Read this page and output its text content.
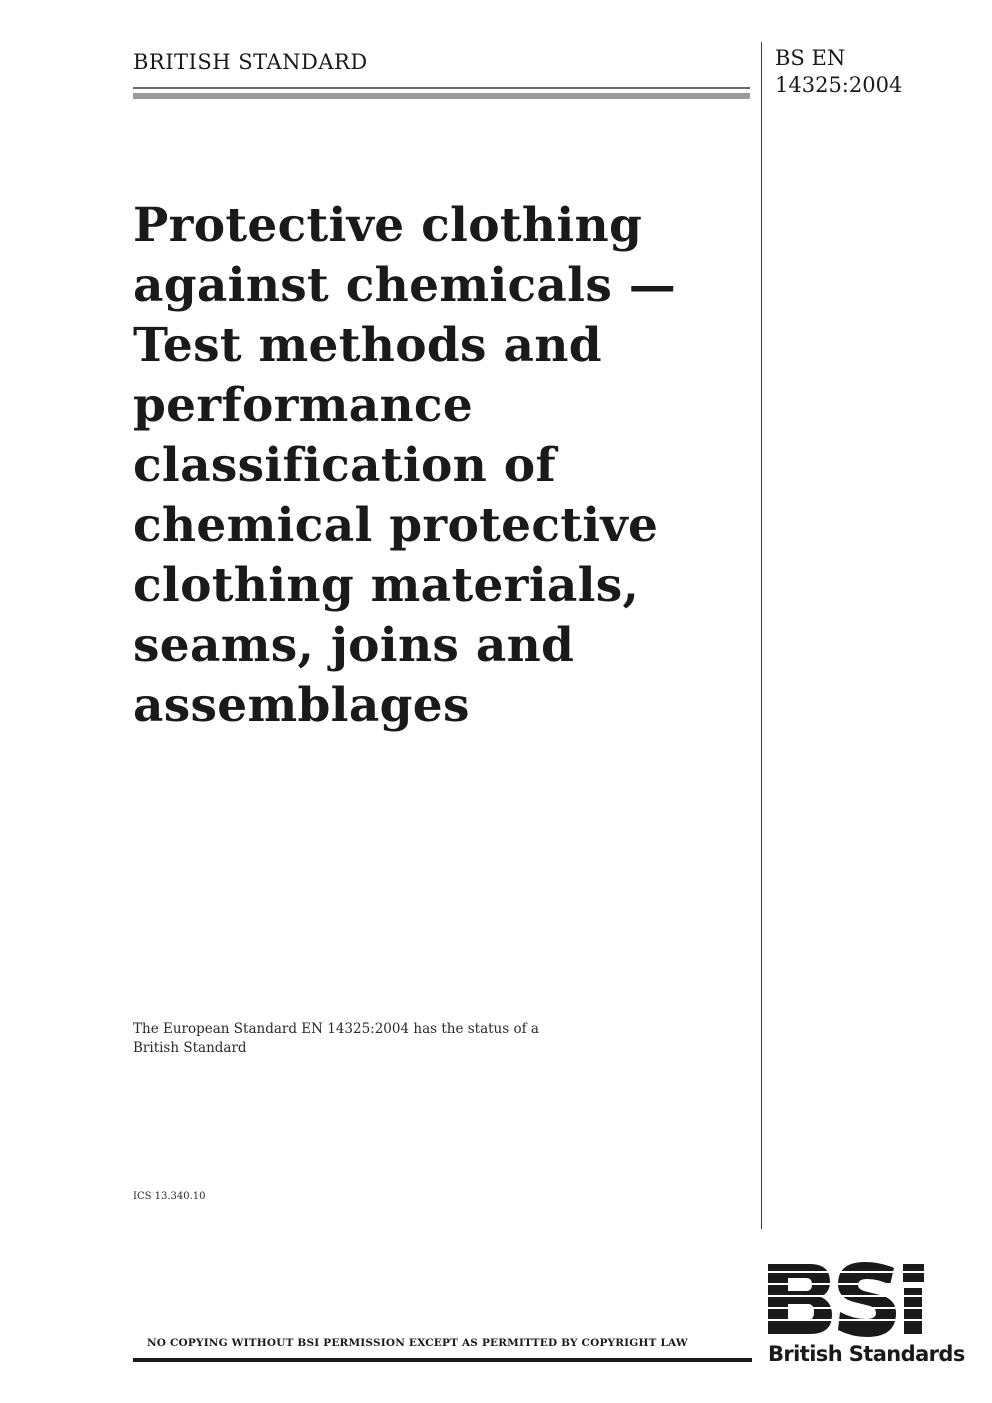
BRITISH STANDARD	BS EN
14325:2004
Protective clothing
against chemicals —
Test methods and
performance
classification of
chemical protective
clothing materials,
seams, joins and
assemblages
The European Standard EN 14325:2004 has the status of a
British Standard
ICS 13.340.10
NO COPYING WITHOUT BSI PERMISSION EXCEPT AS PERMITTED BY COPYRIGHT LAW	British Standards
